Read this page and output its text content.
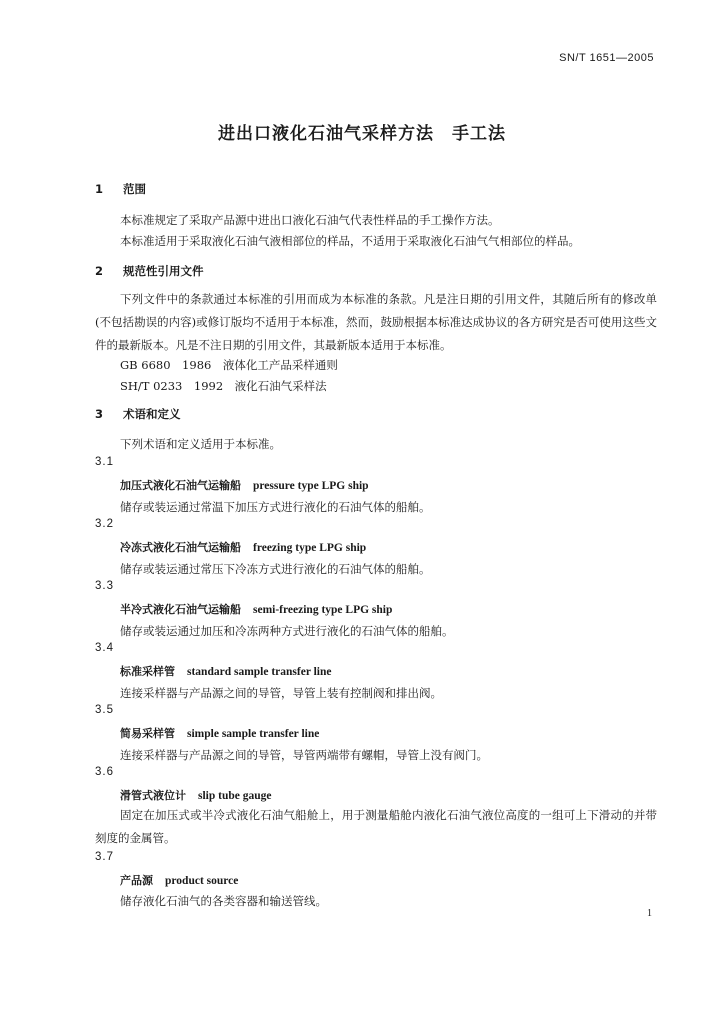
SN/T 1651—2005
进出口液化石油气采样方法　手工法
1 范围
本标准规定了采取产品源中进出口液化石油气代表性样品的手工操作方法。
本标准适用于采取液化石油气液相部位的样品，不适用于采取液化石油气气相部位的样品。
2 规范性引用文件
下列文件中的条款通过本标准的引用而成为本标准的条款。凡是注日期的引用文件，其随后所有的修改单(不包括勘误的内容)或修订版均不适用于本标准，然而，鼓励根据本标准达成协议的各方研究是否可使用这些文件的最新版本。凡是不注日期的引用文件，其最新版本适用于本标准。
GB 6680　1986　液体化工产品采样通则
SH/T 0233　1992　液化石油气采样法
3 术语和定义
下列术语和定义适用于本标准。
3.1
加压式液化石油气运输船 pressure type LPG ship
储存或装运通过常温下加压方式进行液化的石油气体的船舶。
3.2
冷冻式液化石油气运输船 freezing type LPG ship
储存或装运通过常压下冷冻方式进行液化的石油气体的船舶。
3.3
半冷式液化石油气运输船 semi-freezing type LPG ship
储存或装运通过加压和冷冻两种方式进行液化的石油气体的船舶。
3.4
标准采样管 standard sample transfer line
连接采样器与产品源之间的导管，导管上装有控制阀和排出阀。
3.5
简易采样管 simple sample transfer line
连接采样器与产品源之间的导管，导管两端带有螺帽，导管上没有阀门。
3.6
滑管式液位计 slip tube gauge
固定在加压式或半冷式液化石油气船舱上，用于测量船舱内液化石油气液位高度的一组可上下滑动的并带刻度的金属管。
3.7
产品源 product source
储存液化石油气的各类容器和输送管线。
1
